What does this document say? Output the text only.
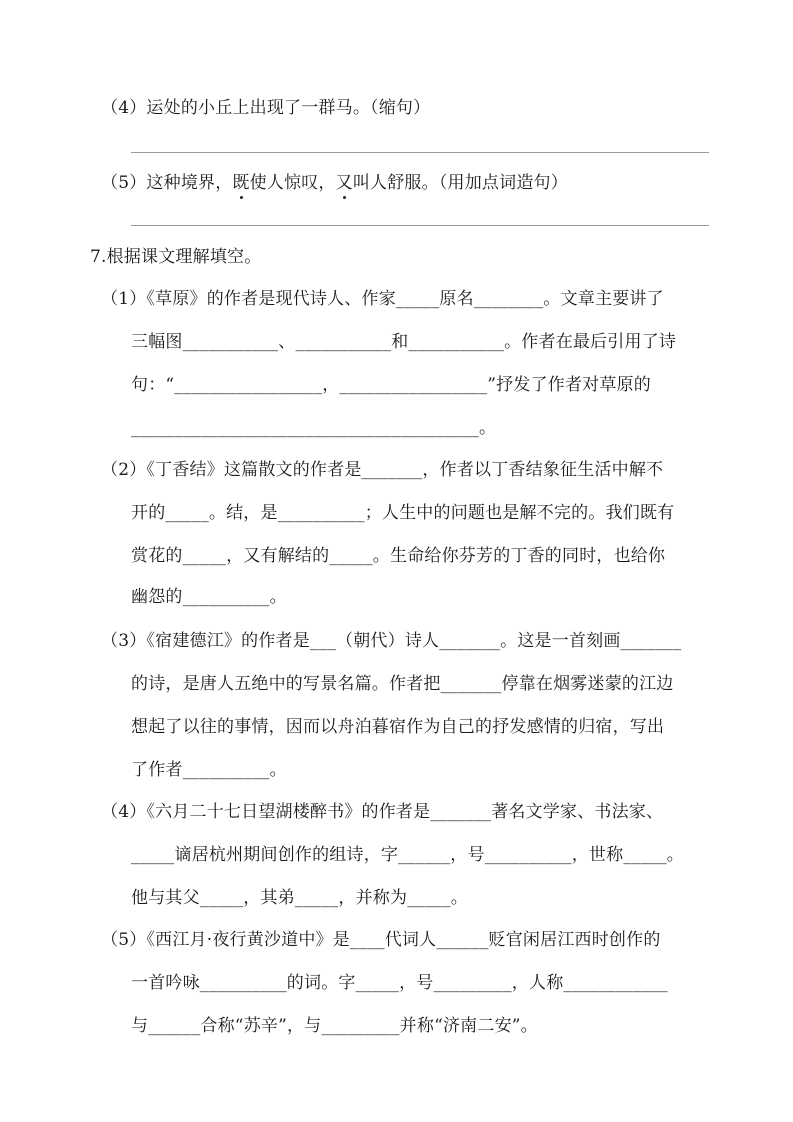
（4）运处的小丘上出现了一群马。（缩句）
（5）这种境界，既使人惊叹，又叫人舒服。（用加点词造句）
7.根据课文理解填空。
（1）《草原》的作者是现代诗人、作家_____原名________。文章主要讲了
三幅图___________、___________和___________。作者在最后引用了诗
句：“_________________，_________________”抒发了作者对草原的
________________________________________。
（2）《丁香结》这篇散文的作者是_______，作者以丁香结象征生活中解不
开的_____。结，是__________；人生中的问题也是解不完的。我们既有
赏花的_____，又有解结的_____。生命给你芬芳的丁香的同时，也给你
幽怨的__________。
（3）《宿建德江》的作者是___（朝代）诗人_______。这是一首刻画_______
的诗，是唐人五绝中的写景名篇。作者把_______停靠在烟雾迷蒙的江边
想起了以往的事情，因而以舟泊暮宿作为自己的抒发感情的归宿，写出
了作者__________。
（4）《六月二十七日望湖楼醉书》的作者是_______著名文学家、书法家、
_____谪居杭州期间创作的组诗，字______，号__________，世称_____。
他与其父_____，其弟_____，并称为_____。
（5）《西江月·夜行黄沙道中》是____代词人______贬官闲居江西时创作的
一首吟咏__________的词。字_____，号_________，人称____________
与______合称“苏辛”，与_________并称“济南二安”。
